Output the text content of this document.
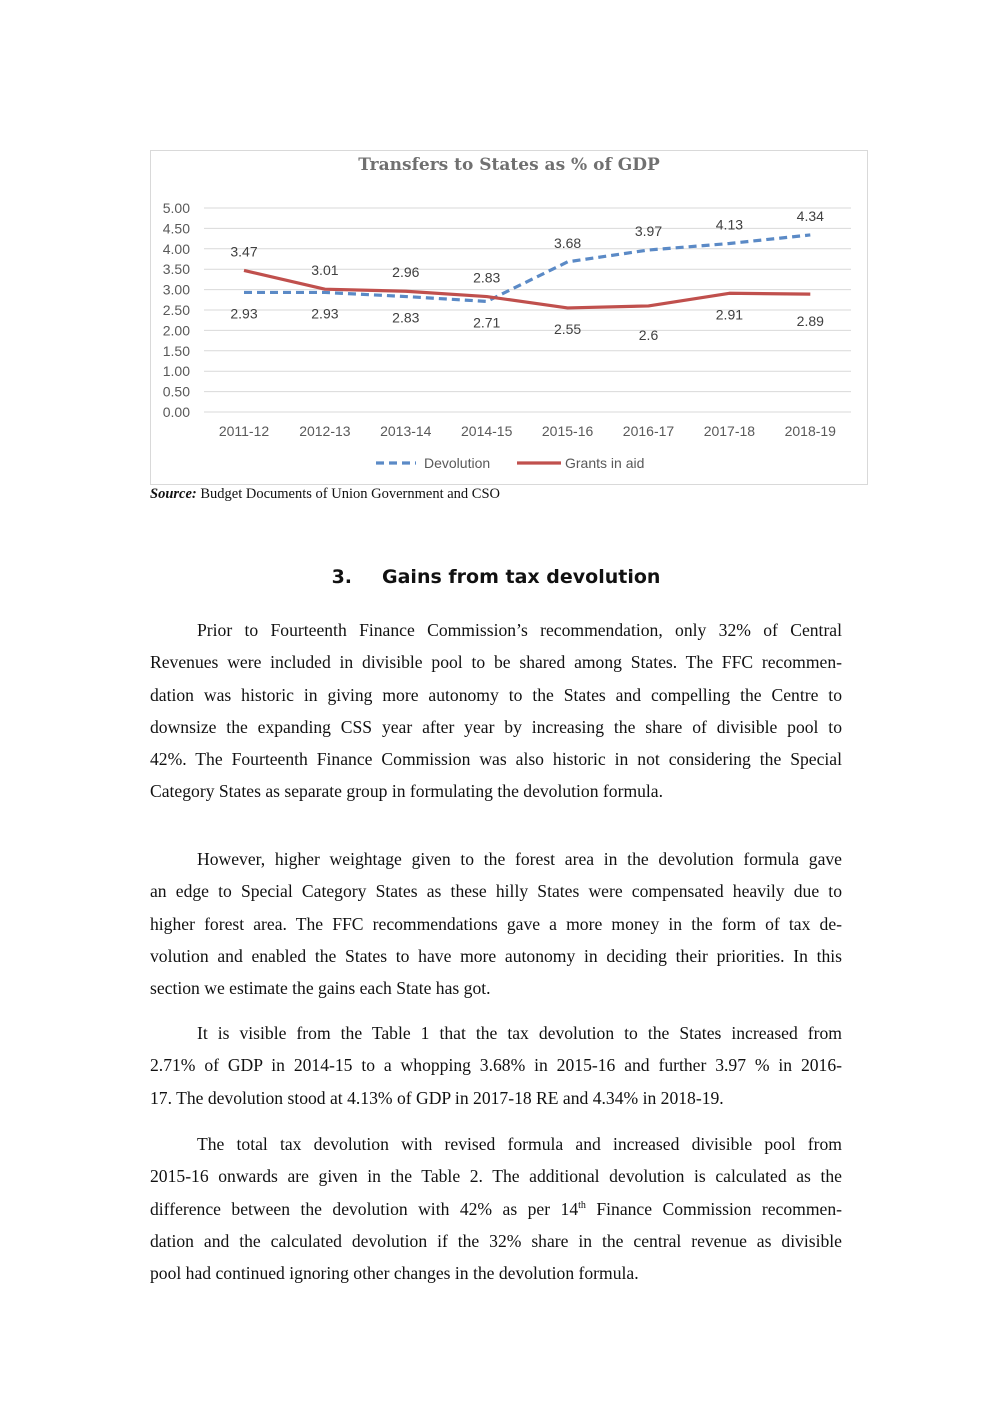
0.00
0.50
1.00
1.50
2.00
2.50
3.00
3.50
4.00
4.50
5.00
2011-12 2012-13 2013-14 2014-15 2015-16 2016-17 2017-18 2018-19
2.93	2.93	2.83	2.71
3.68
3.97	4.13
4.34
3.47
3.01	2.96	2.83
2.55	2.6
2.91	2.89
Devolution	Grants in aid
Transfers to States as % of GDP
Source: Budget Documents of Union Government and CSO
3. Gains from tax devolution
Prior to Fourteenth Finance Commission’s recommendation, only 32% of Central
Revenues were included in divisible pool to be shared among States. The FFC recommen-
dation was historic in giving more autonomy to the States and compelling the Centre to
downsize the expanding CSS year after year by increasing the share of divisible pool to
42%. The Fourteenth Finance Commission was also historic in not considering the Special
Category States as separate group in formulating the devolution formula.
However, higher weightage given to the forest area in the devolution formula gave
an edge to Special Category States as these hilly States were compensated heavily due to
higher forest area. The FFC recommendations gave a more money in the form of tax de-
volution and enabled the States to have more autonomy in deciding their priorities. In this
section we estimate the gains each State has got.
It is visible from the Table 1 that the tax devolution to the States increased from
2.71% of GDP in 2014-15 to a whopping 3.68% in 2015-16 and further 3.97 % in 2016-
17. The devolution stood at 4.13% of GDP in 2017-18 RE and 4.34% in 2018-19.
The total tax devolution with revised formula and increased divisible pool from
2015-16 onwards are given in the Table 2. The additional devolution is calculated as the
difference between the devolution with 42% as per 14th Finance Commission recommen-
dation and the calculated devolution if the 32% share in the central revenue as divisible
pool had continued ignoring other changes in the devolution formula.
